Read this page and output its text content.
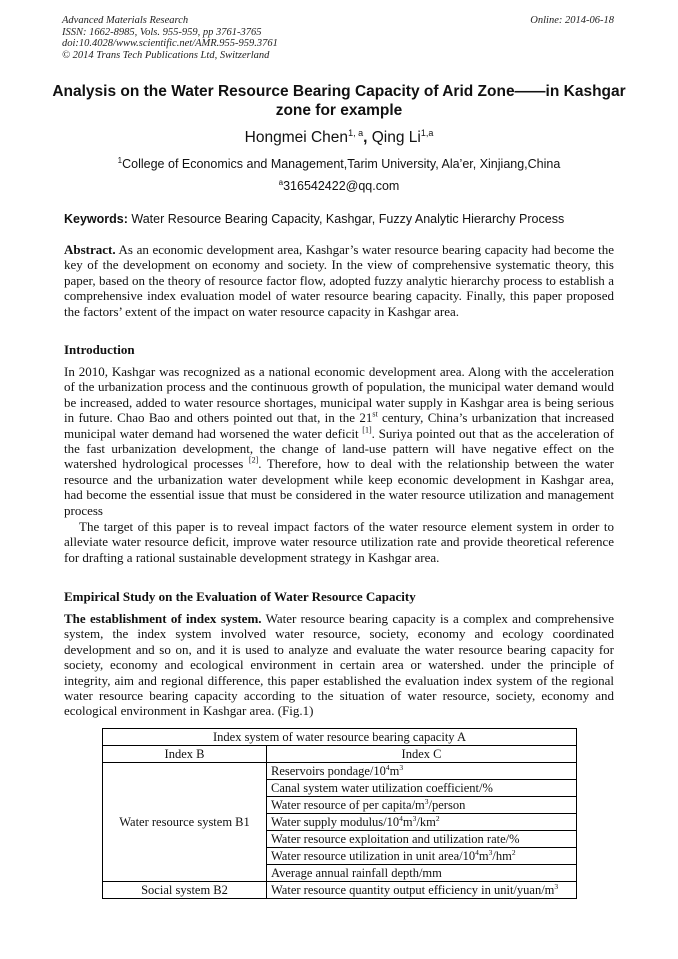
Advanced Materials Research
ISSN: 1662-8985, Vols. 955-959, pp 3761-3765
doi:10.4028/www.scientific.net/AMR.955-959.3761
© 2014 Trans Tech Publications Ltd, Switzerland
Online: 2014-06-18
Analysis on the Water Resource Bearing Capacity of Arid Zone——in Kashgar zone for example
Hongmei Chen$^{1, a}$, Qing Li$^{1,a}$
$^1$College of Economics and Management,Tarim University, Ala’er, Xinjiang,China
$^a$316542422@qq.com
Keywords: Water Resource Bearing Capacity, Kashgar, Fuzzy Analytic Hierarchy Process
Abstract. As an economic development area, Kashgar’s water resource bearing capacity had become the key of the development on economy and society. In the view of comprehensive systematic theory, this paper, based on the theory of resource factor flow, adopted fuzzy analytic hierarchy process to establish a comprehensive index evaluation model of water resource bearing capacity. Finally, this paper proposed the factors’ extent of the impact on water resource capacity in Kashgar area.
Introduction
In 2010, Kashgar was recognized as a national economic development area. Along with the acceleration of the urbanization process and the continuous growth of population, the municipal water demand would be increased, added to water resource shortages, municipal water supply in Kashgar area is being serious in future. Chao Bao and others pointed out that, in the 21st century, China’s urbanization that increased municipal water demand had worsened the water deficit [1]. Suriya pointed out that as the acceleration of the fast urbanization development, the change of land-use pattern will have negative effect on the watershed hydrological processes [2]. Therefore, how to deal with the relationship between the water resource and the urbanization water development while keep economic development in Kashgar area, had become the essential issue that must be considered in the water resource utilization and management process
The target of this paper is to reveal impact factors of the water resource element system in order to alleviate water resource deficit, improve water resource utilization rate and provide theoretical reference for drafting a rational sustainable development strategy in Kashgar area.
Empirical Study on the Evaluation of Water Resource Capacity
The establishment of index system. Water resource bearing capacity is a complex and comprehensive system, the index system involved water resource, society, economy and ecology coordinated development and so on, and it is used to analyze and evaluate the water resource bearing capacity for society, economy and ecological environment in certain area or watershed. under the principle of integrity, aim and regional difference, this paper established the evaluation index system of the regional water resource bearing capacity according to the situation of water resource, society, economy and ecological environment in Kashgar area. (Fig.1)
Index system of water resource bearing capacity A	
Index B	Index C
Water resource system B1	Reservoirs pondage/$10^4m^3$
	Canal system water utilization coefficient/%
	Water resource of per capita/$m^3$/person
	Water supply modulus/$10^4m^3/km^2$
	Water resource exploitation and utilization rate/%
	Water resource utilization in unit area/$10^4m^3/hm^2$
	Average annual rainfall depth/mm
Social system B2	Water resource quantity output efficiency in unit/$yuan/m^3$
